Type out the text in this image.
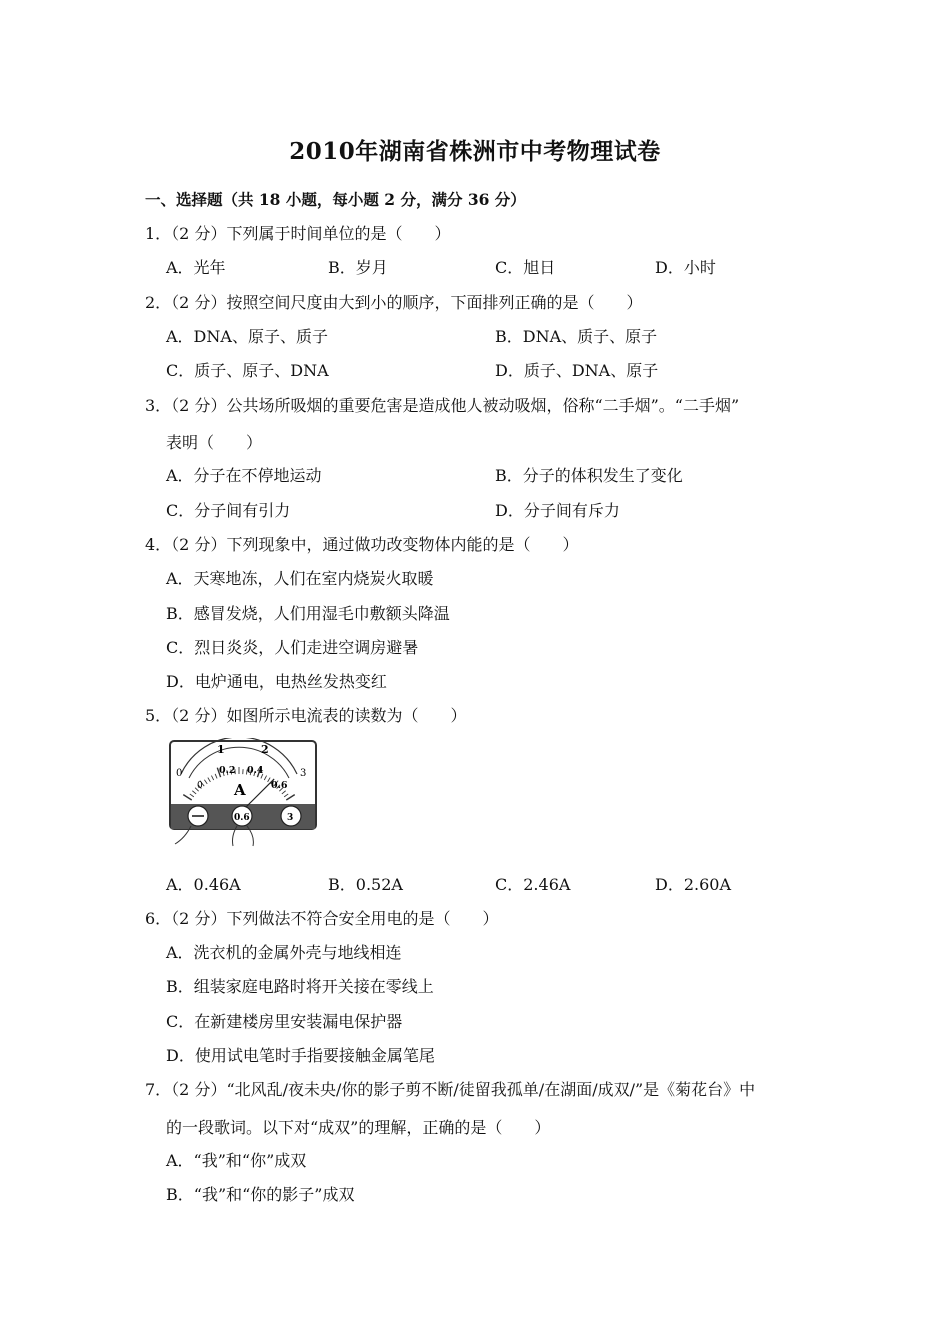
2010年湖南省株洲市中考物理试卷
一、选择题（共 18 小题，每小题 2 分，满分 36 分）
1．（2 分）下列属于时间单位的是（　　）
A．光年	B．岁月	C．旭日	D．小时
2．（2 分）按照空间尺度由大到小的顺序，下面排列正确的是（　　）
A．DNA、原子、质子	B．DNA、质子、原子
C．质子、原子、DNA	D．质子、DNA、原子
3．（2 分）公共场所吸烟的重要危害是造成他人被动吸烟，俗称“二手烟”。“二手烟”
表明（　　）
A．分子在不停地运动	B．分子的体积发生了变化
C．分子间有引力	D．分子间有斥力
4．（2 分）下列现象中，通过做功改变物体内能的是（　　）
A．天寒地冻，人们在室内烧炭火取暖
B．感冒发烧，人们用湿毛巾敷额头降温
C．烈日炎炎，人们走进空调房避暑
D．电炉通电，电热丝发热变红
5．（2 分）如图所示电流表的读数为（　　）
0
1	2
3
0
0.2 0.4
0.6
A
0.6	3
A．0.46A	B．0.52A	C．2.46A	D．2.60A
6．（2 分）下列做法不符合安全用电的是（　　）
A．洗衣机的金属外壳与地线相连
B．组装家庭电路时将开关接在零线上
C．在新建楼房里安装漏电保护器
D．使用试电笔时手指要接触金属笔尾
7．（2 分）“北风乱/夜未央/你的影子剪不断/徒留我孤单/在湖面/成双/”是《菊花台》中
的一段歌词。以下对“成双”的理解，正确的是（　　）
A．“我”和“你”成双
B．“我”和“你的影子”成双
